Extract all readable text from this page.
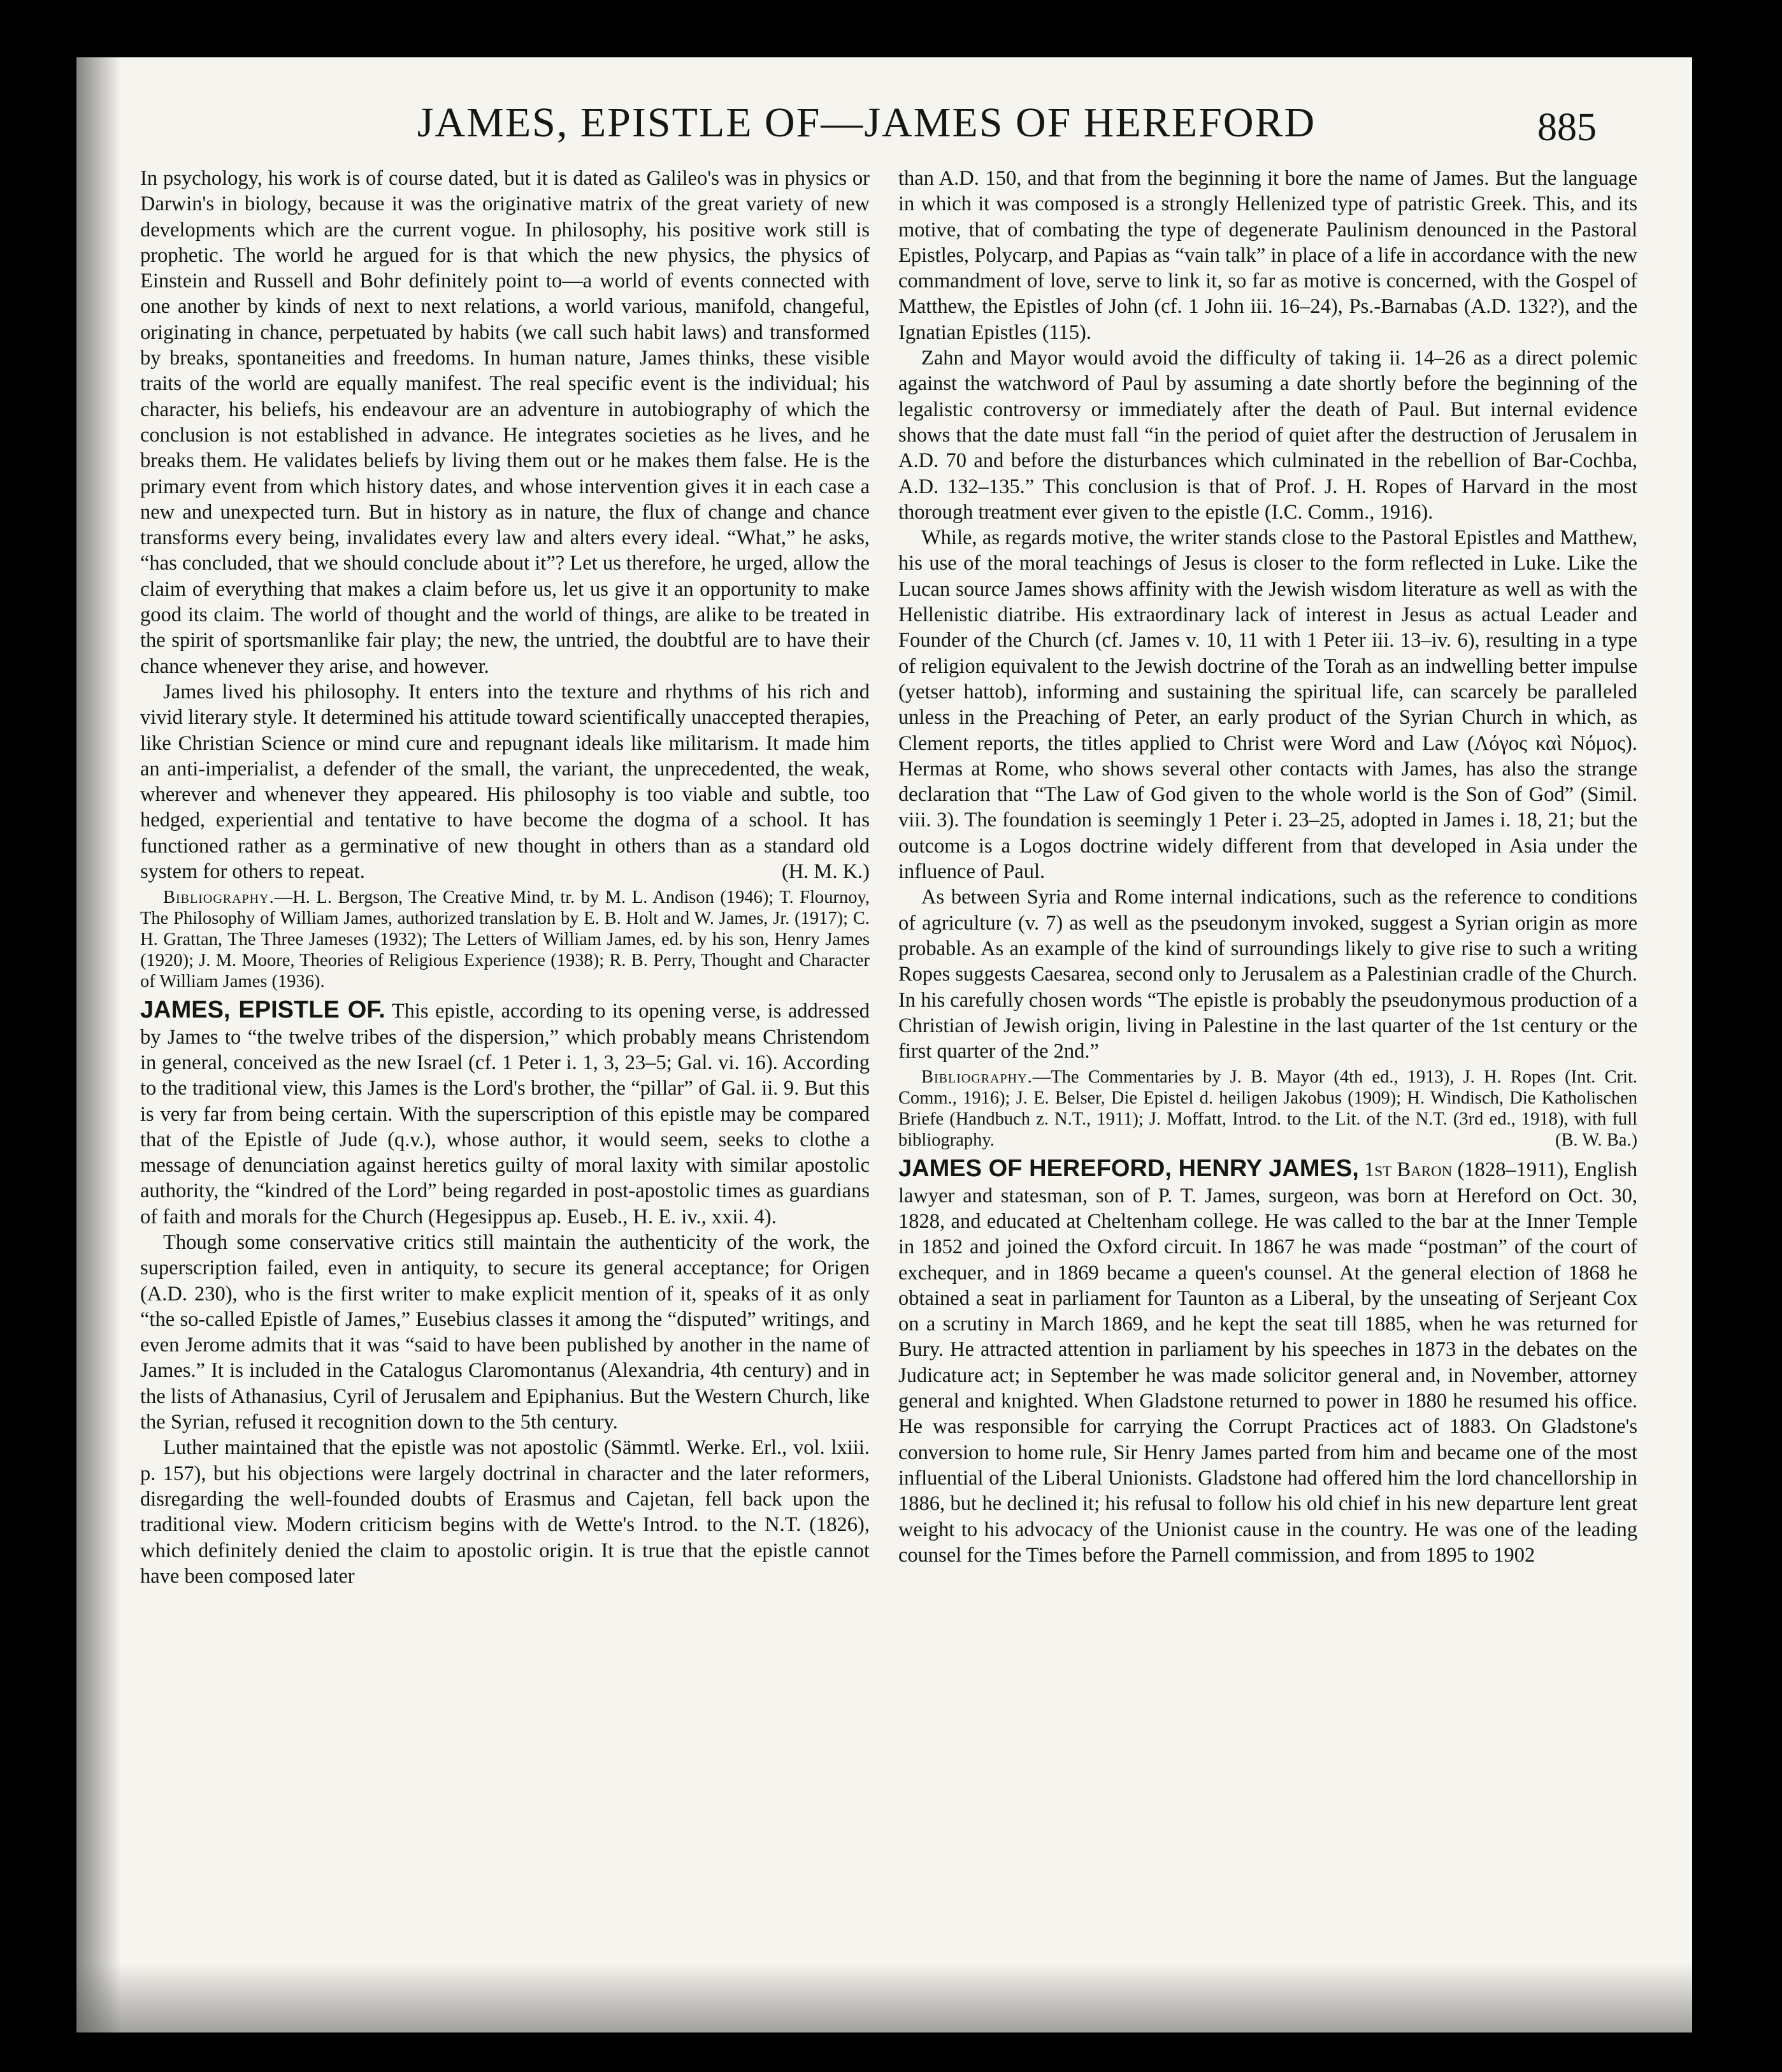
JAMES, EPISTLE OF—JAMES OF HEREFORD	885

In psychology, his work is of course dated, but it is dated as Galileo's was in physics or Darwin's in biology, because it was the originative matrix of the great variety of new developments which are the current vogue. In philosophy, his positive work still is prophetic. The world he argued for is that which the new physics, the physics of Einstein and Russell and Bohr definitely point to—a world of events connected with one another by kinds of next to next relations, a world various, manifold, changeful, originating in chance, perpetuated by habits (we call such habit laws) and transformed by breaks, spontaneities and freedoms. In human nature, James thinks, these visible traits of the world are equally manifest. The real specific event is the individual; his character, his beliefs, his endeavour are an adventure in autobiography of which the conclusion is not established in advance. He integrates societies as he lives, and he breaks them. He validates beliefs by living them out or he makes them false. He is the primary event from which history dates, and whose intervention gives it in each case a new and unexpected turn. But in history as in nature, the flux of change and chance transforms every being, invalidates every law and alters every ideal. “What,” he asks, “has concluded, that we should conclude about it”? Let us therefore, he urged, allow the claim of everything that makes a claim before us, let us give it an opportunity to make good its claim. The world of thought and the world of things, are alike to be treated in the spirit of sportsmanlike fair play; the new, the untried, the doubtful are to have their chance whenever they arise, and however.

James lived his philosophy. It enters into the texture and rhythms of his rich and vivid literary style. It determined his attitude toward scientifically unaccepted therapies, like Christian Science or mind cure and repugnant ideals like militarism. It made him an anti-imperialist, a defender of the small, the variant, the unprecedented, the weak, wherever and whenever they appeared. His philosophy is too viable and subtle, too hedged, experiential and tentative to have become the dogma of a school. It has functioned rather as a germinative of new thought in others than as a standard old system for others to repeat.	(H. M. K.)

Bibliography.—H. L. Bergson, The Creative Mind, tr. by M. L. Andison (1946); T. Flournoy, The Philosophy of William James, authorized translation by E. B. Holt and W. James, Jr. (1917); C. H. Grattan, The Three Jameses (1932); The Letters of William James, ed. by his son, Henry James (1920); J. M. Moore, Theories of Religious Experience (1938); R. B. Perry, Thought and Character of William James (1936).

JAMES, EPISTLE OF. This epistle, according to its opening verse, is addressed by James to “the twelve tribes of the dispersion,” which probably means Christendom in general, conceived as the new Israel (cf. 1 Peter i. 1, 3, 23–5; Gal. vi. 16). According to the traditional view, this James is the Lord's brother, the “pillar” of Gal. ii. 9. But this is very far from being certain. With the superscription of this epistle may be compared that of the Epistle of Jude (q.v.), whose author, it would seem, seeks to clothe a message of denunciation against heretics guilty of moral laxity with similar apostolic authority, the “kindred of the Lord” being regarded in post-apostolic times as guardians of faith and morals for the Church (Hegesippus ap. Euseb., H. E. iv., xxii. 4).

Though some conservative critics still maintain the authenticity of the work, the superscription failed, even in antiquity, to secure its general acceptance; for Origen (A.D. 230), who is the first writer to make explicit mention of it, speaks of it as only “the so-called Epistle of James,” Eusebius classes it among the “disputed” writings, and even Jerome admits that it was “said to have been published by another in the name of James.” It is included in the Catalogus Claromontanus (Alexandria, 4th century) and in the lists of Athanasius, Cyril of Jerusalem and Epiphanius. But the Western Church, like the Syrian, refused it recognition down to the 5th century.

Luther maintained that the epistle was not apostolic (Sämmtl. Werke. Erl., vol. lxiii. p. 157), but his objections were largely doctrinal in character and the later reformers, disregarding the well-founded doubts of Erasmus and Cajetan, fell back upon the traditional view. Modern criticism begins with de Wette's Introd. to the N.T. (1826), which definitely denied the claim to apostolic origin. It is true that the epistle cannot have been composed later

than A.D. 150, and that from the beginning it bore the name of James. But the language in which it was composed is a strongly Hellenized type of patristic Greek. This, and its motive, that of combating the type of degenerate Paulinism denounced in the Pastoral Epistles, Polycarp, and Papias as “vain talk” in place of a life in accordance with the new commandment of love, serve to link it, so far as motive is concerned, with the Gospel of Matthew, the Epistles of John (cf. 1 John iii. 16–24), Ps.-Barnabas (A.D. 132?), and the Ignatian Epistles (115).

Zahn and Mayor would avoid the difficulty of taking ii. 14–26 as a direct polemic against the watchword of Paul by assuming a date shortly before the beginning of the legalistic controversy or immediately after the death of Paul. But internal evidence shows that the date must fall “in the period of quiet after the destruction of Jerusalem in A.D. 70 and before the disturbances which culminated in the rebellion of Bar-Cochba, A.D. 132–135.” This conclusion is that of Prof. J. H. Ropes of Harvard in the most thorough treatment ever given to the epistle (I.C. Comm., 1916).

While, as regards motive, the writer stands close to the Pastoral Epistles and Matthew, his use of the moral teachings of Jesus is closer to the form reflected in Luke. Like the Lucan source James shows affinity with the Jewish wisdom literature as well as with the Hellenistic diatribe. His extraordinary lack of interest in Jesus as actual Leader and Founder of the Church (cf. James v. 10, 11 with 1 Peter iii. 13–iv. 6), resulting in a type of religion equivalent to the Jewish doctrine of the Torah as an indwelling better impulse (yetser hattob), informing and sustaining the spiritual life, can scarcely be paralleled unless in the Preaching of Peter, an early product of the Syrian Church in which, as Clement reports, the titles applied to Christ were Word and Law (Λόγος καὶ Νόμος). Hermas at Rome, who shows several other contacts with James, has also the strange declaration that “The Law of God given to the whole world is the Son of God” (Simil. viii. 3). The foundation is seemingly 1 Peter i. 23–25, adopted in James i. 18, 21; but the outcome is a Logos doctrine widely different from that developed in Asia under the influence of Paul.

As between Syria and Rome internal indications, such as the reference to conditions of agriculture (v. 7) as well as the pseudonym invoked, suggest a Syrian origin as more probable. As an example of the kind of surroundings likely to give rise to such a writing Ropes suggests Caesarea, second only to Jerusalem as a Palestinian cradle of the Church. In his carefully chosen words “The epistle is probably the pseudonymous production of a Christian of Jewish origin, living in Palestine in the last quarter of the 1st century or the first quarter of the 2nd.”

Bibliography.—The Commentaries by J. B. Mayor (4th ed., 1913), J. H. Ropes (Int. Crit. Comm., 1916); J. E. Belser, Die Epistel d. heiligen Jakobus (1909); H. Windisch, Die Katholischen Briefe (Handbuch z. N.T., 1911); J. Moffatt, Introd. to the Lit. of the N.T. (3rd ed., 1918), with full bibliography.	(B. W. Ba.)

JAMES OF HEREFORD, HENRY JAMES, 1st Baron (1828–1911), English lawyer and statesman, son of P. T. James, surgeon, was born at Hereford on Oct. 30, 1828, and educated at Cheltenham college. He was called to the bar at the Inner Temple in 1852 and joined the Oxford circuit. In 1867 he was made “postman” of the court of exchequer, and in 1869 became a queen's counsel. At the general election of 1868 he obtained a seat in parliament for Taunton as a Liberal, by the unseating of Serjeant Cox on a scrutiny in March 1869, and he kept the seat till 1885, when he was returned for Bury. He attracted attention in parliament by his speeches in 1873 in the debates on the Judicature act; in September he was made solicitor general and, in November, attorney general and knighted. When Gladstone returned to power in 1880 he resumed his office. He was responsible for carrying the Corrupt Practices act of 1883. On Gladstone's conversion to home rule, Sir Henry James parted from him and became one of the most influential of the Liberal Unionists. Gladstone had offered him the lord chancellorship in 1886, but he declined it; his refusal to follow his old chief in his new departure lent great weight to his advocacy of the Unionist cause in the country. He was one of the leading counsel for the Times before the Parnell commission, and from 1895 to 1902
